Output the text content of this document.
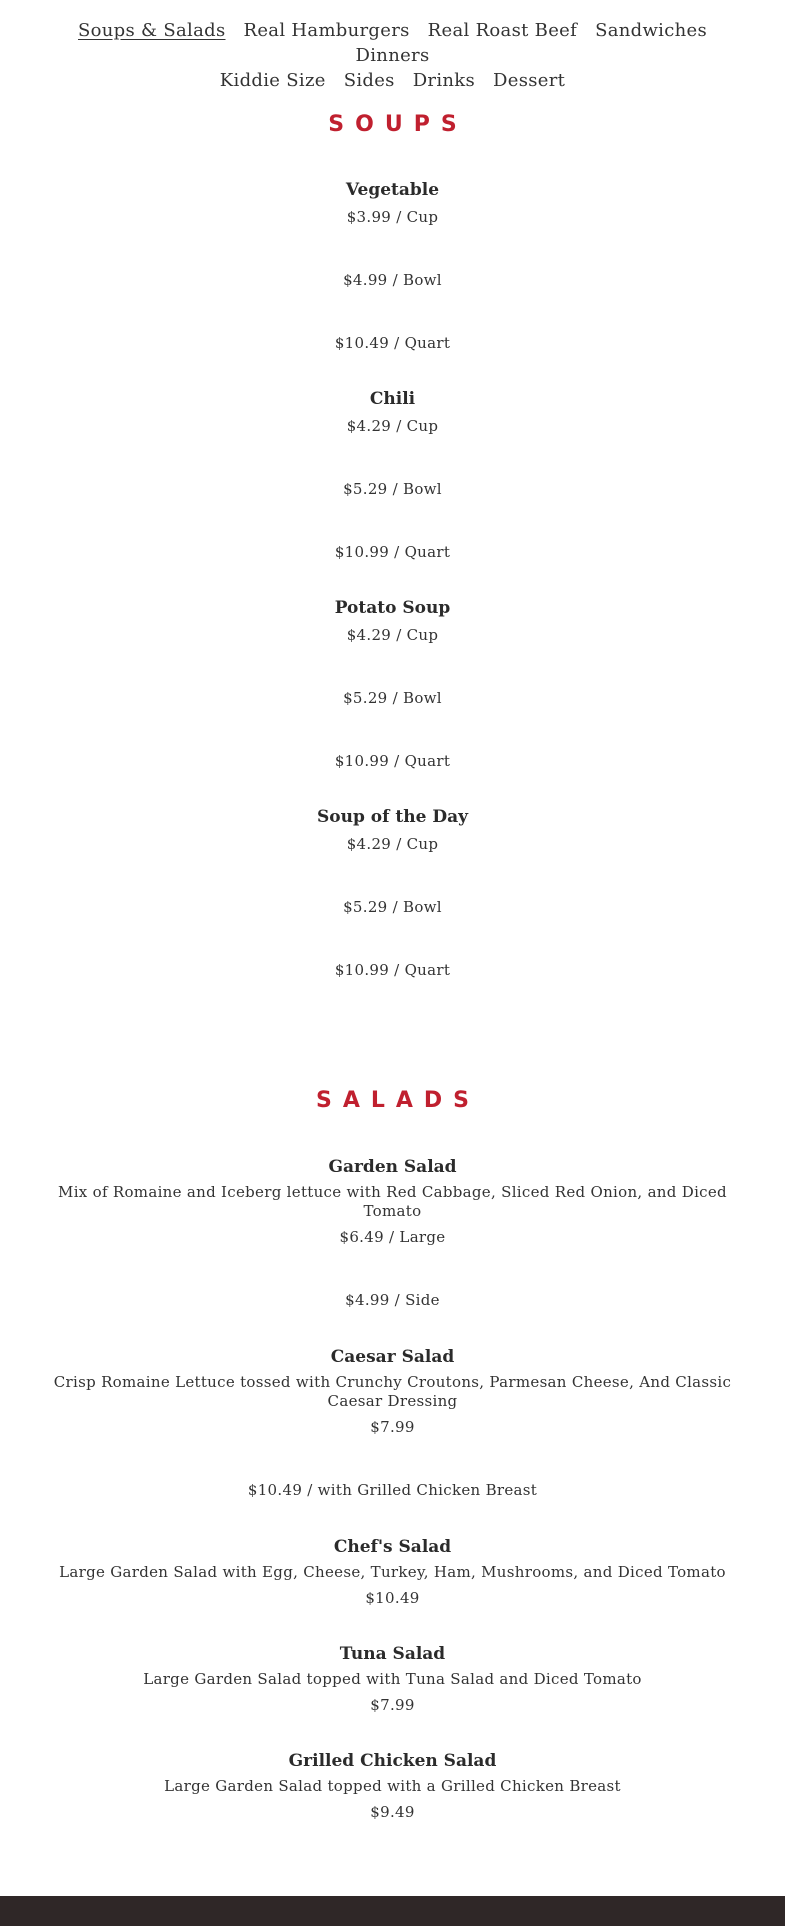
Soups & Salads Real Hamburgers Real Roast Beef SandwichesDinners
Kiddie Size Sides Drinks Dessert
SOUPS
Vegetable
$3.99 / Cup
$4.99 / Bowl
$10.49 / Quart
Chili
$4.29 / Cup
$5.29 / Bowl
$10.99 / Quart
Potato Soup
$4.29 / Cup
$5.29 / Bowl
$10.99 / Quart
Soup of the Day
$4.29 / Cup
$5.29 / Bowl
$10.99 / Quart
SALADS
Garden Salad
Mix of Romaine and Iceberg lettuce with Red Cabbage, Sliced Red Onion, and Diced Tomato
$6.49 / Large
$4.99 / Side
Caesar Salad
Crisp Romaine Lettuce tossed with Crunchy Croutons, Parmesan Cheese, And Classic Caesar Dressing
$7.99
$10.49 / with Grilled Chicken Breast
Chef's Salad
Large Garden Salad with Egg, Cheese, Turkey, Ham, Mushrooms, and Diced Tomato
$10.49
Tuna Salad
Large Garden Salad topped with Tuna Salad and Diced Tomato
$7.99
Grilled Chicken Salad
Large Garden Salad topped with a Grilled Chicken Breast
$9.49
